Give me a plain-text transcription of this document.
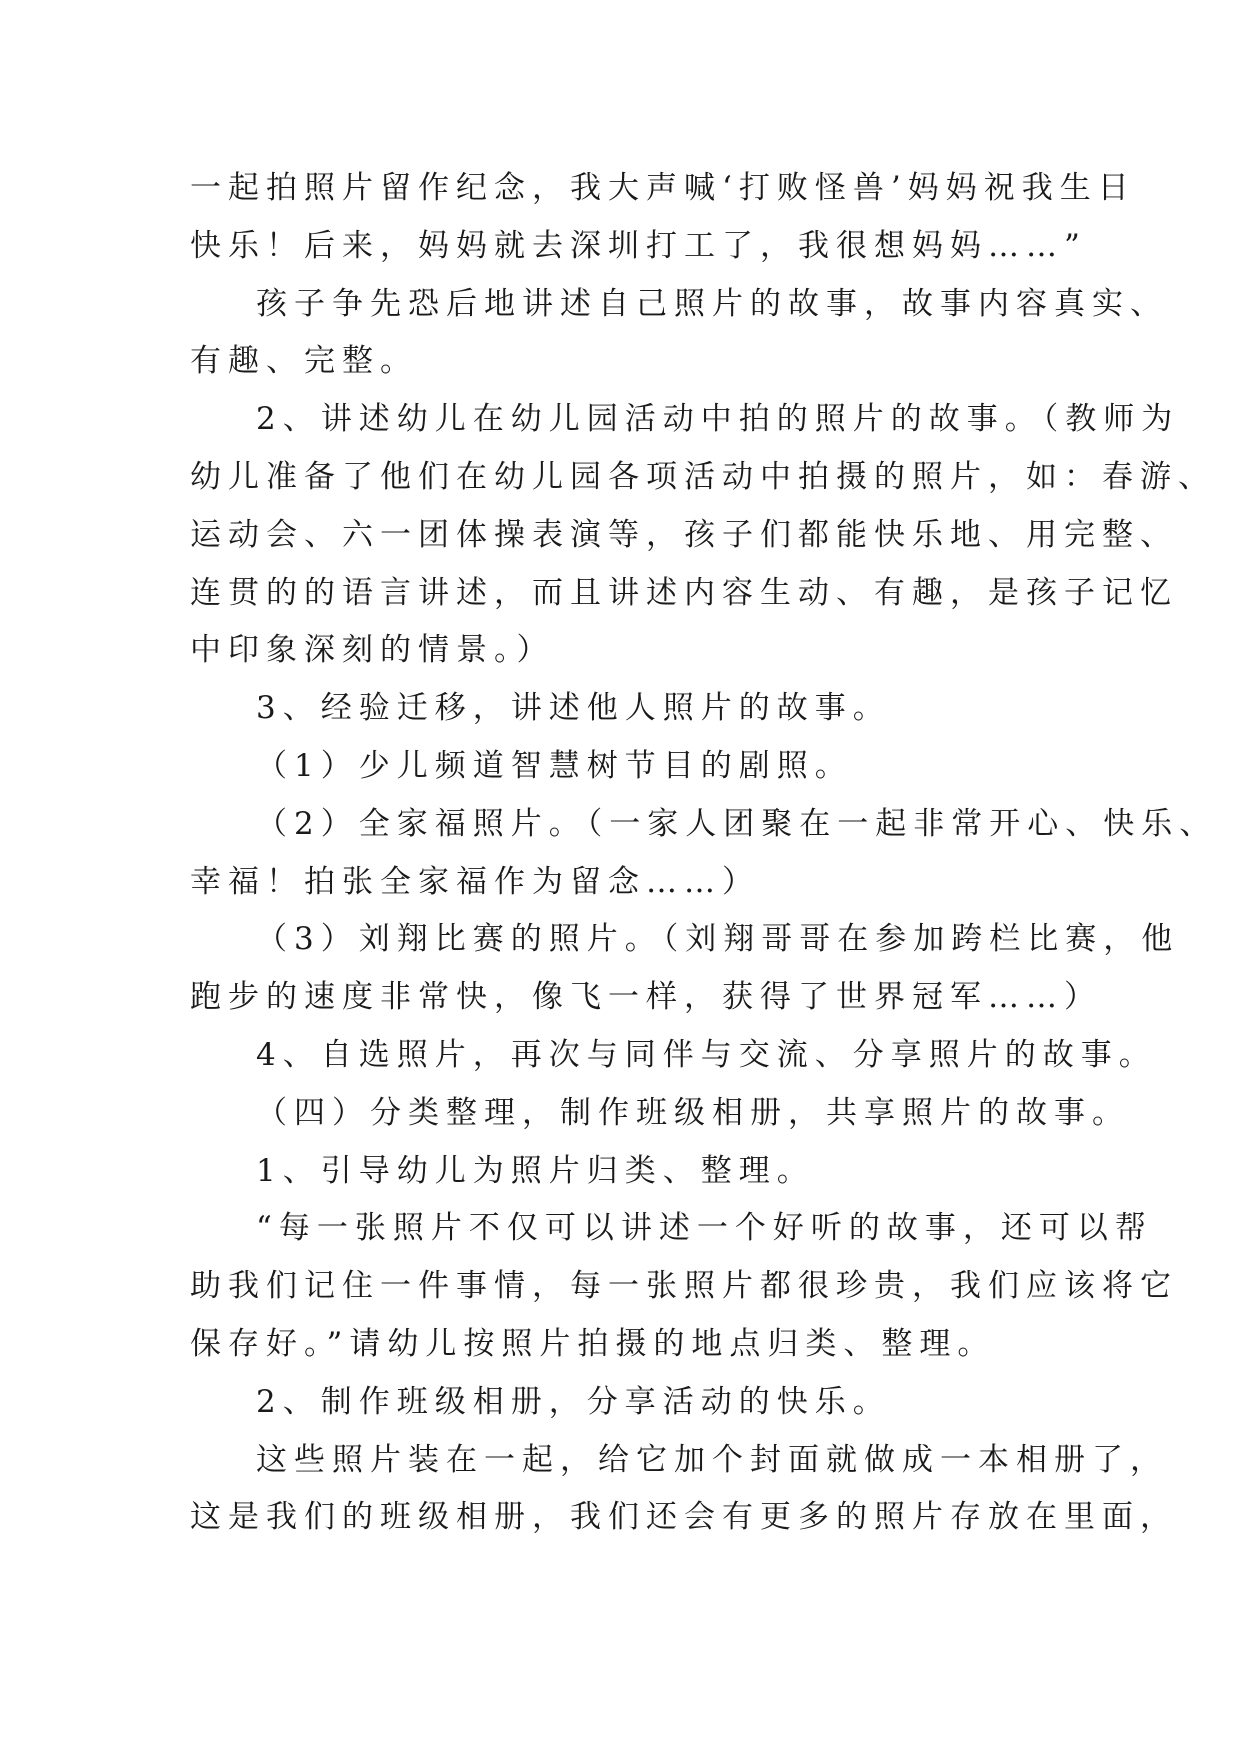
一起拍照片留作纪念，我大声喊‘打败怪兽’妈妈祝我生日
快乐！后来，妈妈就去深圳打工了，我很想妈妈……”
孩子争先恐后地讲述自己照片的故事，故事内容真实、
有趣、完整。
2、讲述幼儿在幼儿园活动中拍的照片的故事。（教师为
幼儿准备了他们在幼儿园各项活动中拍摄的照片，如：春游、
运动会、六一团体操表演等，孩子们都能快乐地、用完整、
连贯的的语言讲述，而且讲述内容生动、有趣，是孩子记忆
中印象深刻的情景。）
3、经验迁移，讲述他人照片的故事。
（1）少儿频道智慧树节目的剧照。
（2）全家福照片。（一家人团聚在一起非常开心、快乐、
幸福！拍张全家福作为留念……）
（3）刘翔比赛的照片。（刘翔哥哥在参加跨栏比赛，他
跑步的速度非常快，像飞一样，获得了世界冠军……）
4、自选照片，再次与同伴与交流、分享照片的故事。
（四）分类整理，制作班级相册，共享照片的故事。
1、引导幼儿为照片归类、整理。
“每一张照片不仅可以讲述一个好听的故事，还可以帮
助我们记住一件事情，每一张照片都很珍贵，我们应该将它
保存好。”请幼儿按照片拍摄的地点归类、整理。
2、制作班级相册，分享活动的快乐。
这些照片装在一起，给它加个封面就做成一本相册了，
这是我们的班级相册，我们还会有更多的照片存放在里面，
